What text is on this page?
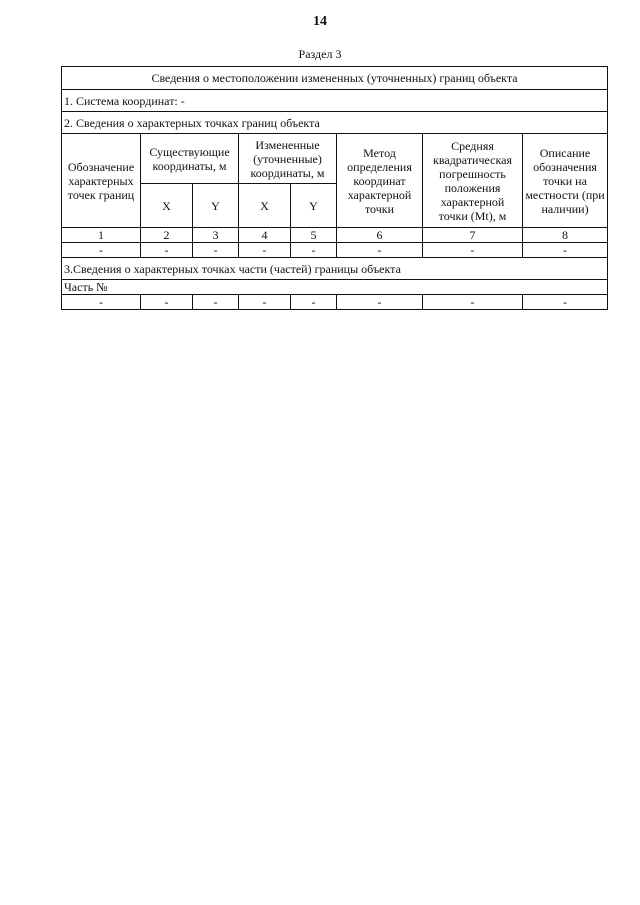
14
Раздел 3
Сведения о местоположении измененных (уточненных) границ объекта							
1. Система координат: -							
2. Сведения о характерных точках границ объекта							
Обозначение характерных точек границ	Существующие координаты, м		Измененные (уточненные) координаты, м		Метод определения координат характерной точки	Средняя квадратическая погрешность положения характерной точки (Mt), м	Описание обозначения точки на местности (при наличии)
	X	Y	X	Y			
1	2	3	4	5	6	7	8
-	-	-	-	-	-	-	-
3.Сведения о характерных точках части (частей) границы объекта							
Часть №							
-	-	-	-	-	-	-	-
